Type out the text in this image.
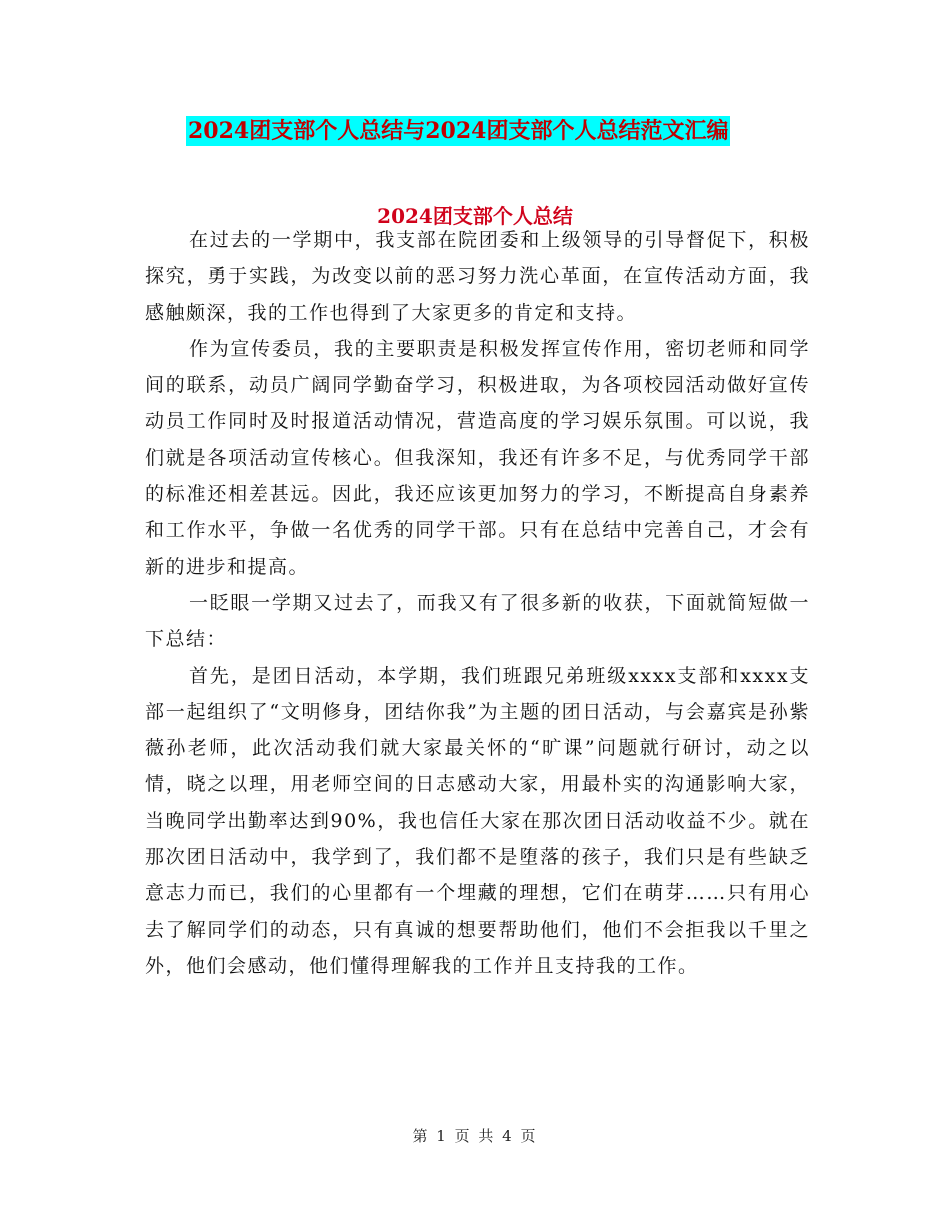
2024团支部个人总结与2024团支部个人总结范文汇编
2024团支部个人总结

在过去的一学期中，我支部在院团委和上级领导的引导督促下，积极探究，勇于实践，为改变以前的恶习努力洗心革面，在宣传活动方面，我感触颇深，我的工作也得到了大家更多的肯定和支持。

作为宣传委员，我的主要职责是积极发挥宣传作用，密切老师和同学间的联系，动员广阔同学勤奋学习，积极进取，为各项校园活动做好宣传动员工作同时及时报道活动情况，营造高度的学习娱乐氛围。可以说，我们就是各项活动宣传核心。但我深知，我还有许多不足，与优秀同学干部的标准还相差甚远。因此，我还应该更加努力的学习，不断提高自身素养和工作水平，争做一名优秀的同学干部。只有在总结中完善自己，才会有新的进步和提高。

一眨眼一学期又过去了，而我又有了很多新的收获，下面就简短做一下总结：

首先，是团日活动，本学期，我们班跟兄弟班级xxxx支部和xxxx支部一起组织了“文明修身，团结你我”为主题的团日活动，与会嘉宾是孙紫薇孙老师，此次活动我们就大家最关怀的“旷课”问题就行研讨，动之以情，晓之以理，用老师空间的日志感动大家，用最朴实的沟通影响大家，当晚同学出勤率达到90%，我也信任大家在那次团日活动收益不少。就在那次团日活动中，我学到了，我们都不是堕落的孩子，我们只是有些缺乏意志力而已，我们的心里都有一个埋藏的理想，它们在萌芽……只有用心去了解同学们的动态，只有真诚的想要帮助他们，他们不会拒我以千里之外，他们会感动，他们懂得理解我的工作并且支持我的工作。

第 1 页 共 4 页
